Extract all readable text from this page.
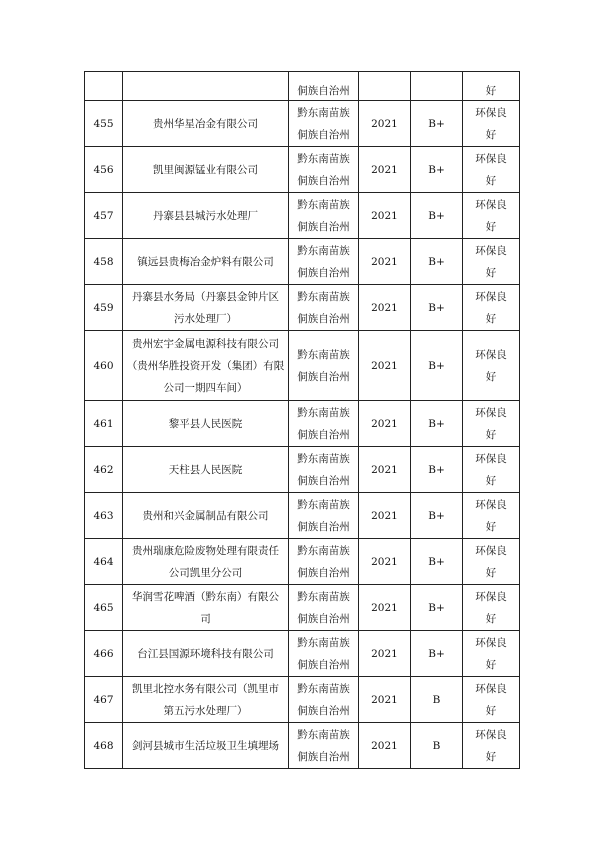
		侗族自治州			好
455	贵州华星冶金有限公司	黔东南苗族
侗族自治州	2021	B+	环保良
好

456	凯里闽源锰业有限公司	黔东南苗族
侗族自治州	2021	B+	环保良
好

457	丹寨县县城污水处理厂	黔东南苗族
侗族自治州	2021	B+	环保良
好

458	镇远县贵梅冶金炉料有限公司	黔东南苗族
侗族自治州	2021	B+	环保良
好

459	丹寨县水务局（丹寨县金钟片区
污水处理厂）	黔东南苗族
侗族自治州	2021	B+	环保良
好

460	贵州宏宇金属电源科技有限公司
（贵州华胜投资开发（集团）有限
公司一期四车间）	黔东南苗族
侗族自治州	2021	B+	环保良
好

461	黎平县人民医院	黔东南苗族
侗族自治州	2021	B+	环保良
好

462	天柱县人民医院	黔东南苗族
侗族自治州	2021	B+	环保良
好

463	贵州和兴金属制品有限公司	黔东南苗族
侗族自治州	2021	B+	环保良
好

464	贵州瑞康危险废物处理有限责任
公司凯里分公司	黔东南苗族
侗族自治州	2021	B+	环保良
好

465	华润雪花啤酒（黔东南）有限公
司	黔东南苗族
侗族自治州	2021	B+	环保良
好

466	台江县国源环境科技有限公司	黔东南苗族
侗族自治州	2021	B+	环保良
好

467	凯里北控水务有限公司（凯里市
第五污水处理厂）	黔东南苗族
侗族自治州	2021	B	环保良
好

468	剑河县城市生活垃圾卫生填埋场	黔东南苗族
侗族自治州	2021	B	环保良
好
